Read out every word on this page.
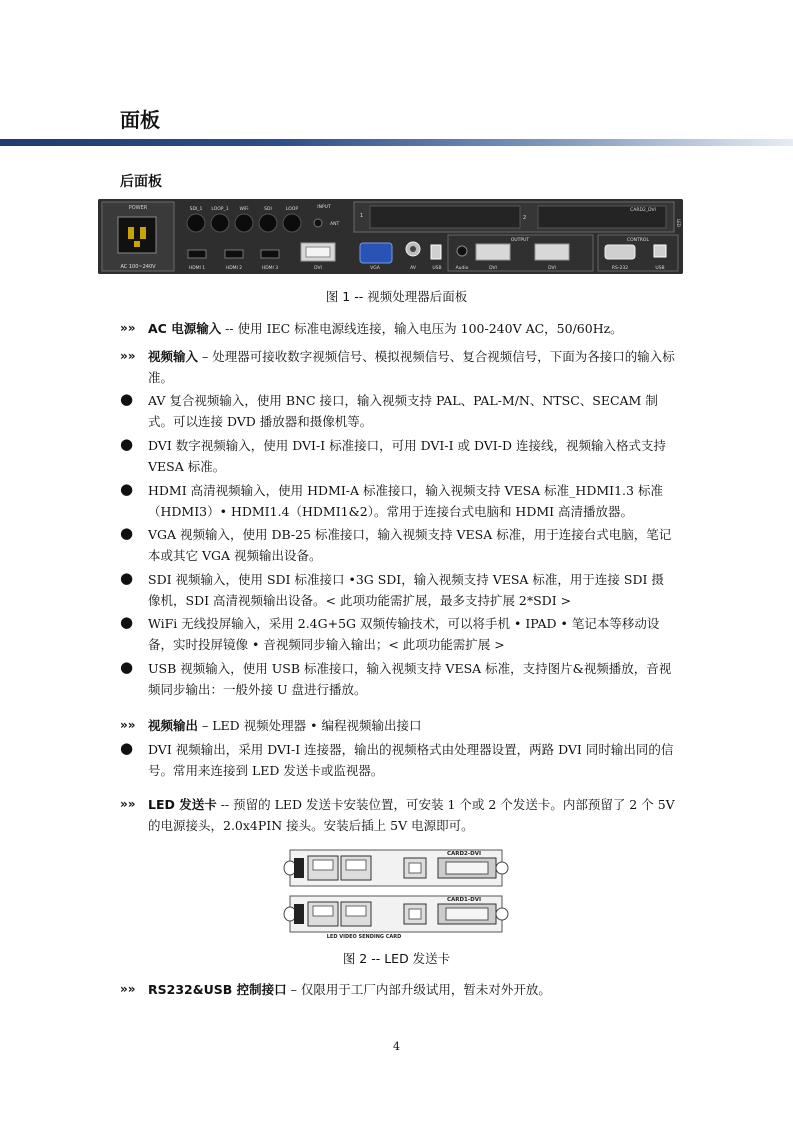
面板
后面板
POWER
AC 100~240V
SDI_1 LOOP_1 WiFi	SDI	LOOP	INPUT
ANT
HDMI 1	HDMI 2	HDMI 3	DVI	VGA	AV	USB
1	2
CARD2_DVI
LED
OUTPUT
Audio	DVI	DVI
CONTROL
RS-232	USB
图 1 -- 视频处理器后面板
»» AC 电源输入 -- 使用 IEC 标准电源线连接，输入电压为 100-240V AC，50/60Hz。
»» 视频输入 – 处理器可接收数字视频信号、模拟视频信号、复合视频信号，下面为各接口的输入标准。
● AV 复合视频输入，使用 BNC 接口，输入视频支持 PAL、PAL-M/N、NTSC、SECAM 制式。可以连接 DVD 播放器和摄像机等。
● DVI 数字视频输入，使用 DVI-I 标准接口，可用 DVI-I 或 DVI-D 连接线，视频输入格式支持 VESA 标准。
● HDMI 高清视频输入，使用 HDMI-A 标准接口，输入视频支持 VESA 标准_HDMI1.3 标准（HDMI3）• HDMI1.4（HDMI1&2）。常用于连接台式电脑和 HDMI 高清播放器。
● VGA 视频输入，使用 DB-25 标准接口，输入视频支持 VESA 标准，用于连接台式电脑，笔记本或其它 VGA 视频输出设备。
● SDI 视频输入，使用 SDI 标准接口 •3G SDI，输入视频支持 VESA 标准，用于连接 SDI 摄像机，SDI 高清视频输出设备。< 此项功能需扩展，最多支持扩展 2*SDI >
● WiFi 无线投屏输入，采用 2.4G+5G 双频传输技术，可以将手机 • IPAD • 笔记本等移动设备，实时投屏镜像 • 音视频同步输入输出；< 此项功能需扩展 >
● USB 视频输入，使用 USB 标准接口，输入视频支持 VESA 标准，支持图片&视频播放，音视频同步输出：一般外接 U 盘进行播放。
»» 视频输出 – LED 视频处理器 • 编程视频输出接口
● DVI 视频输出，采用 DVI-I 连接器，输出的视频格式由处理器设置，两路 DVI 同时输出同的信号。常用来连接到 LED 发送卡或监视器。
»» LED 发送卡 -- 预留的 LED 发送卡安装位置，可安装 1 个或 2 个发送卡。内部预留了 2 个 5V 的电源接头，2.0x4PIN 接头。安装后插上 5V 电源即可。
CARD2-DVI
CARD1-DVI
LED VIDEO SENDING CARD
图 2 -- LED 发送卡
»» RS232&USB 控制接口 – 仅限用于工厂内部升级试用，暂未对外开放。
4
